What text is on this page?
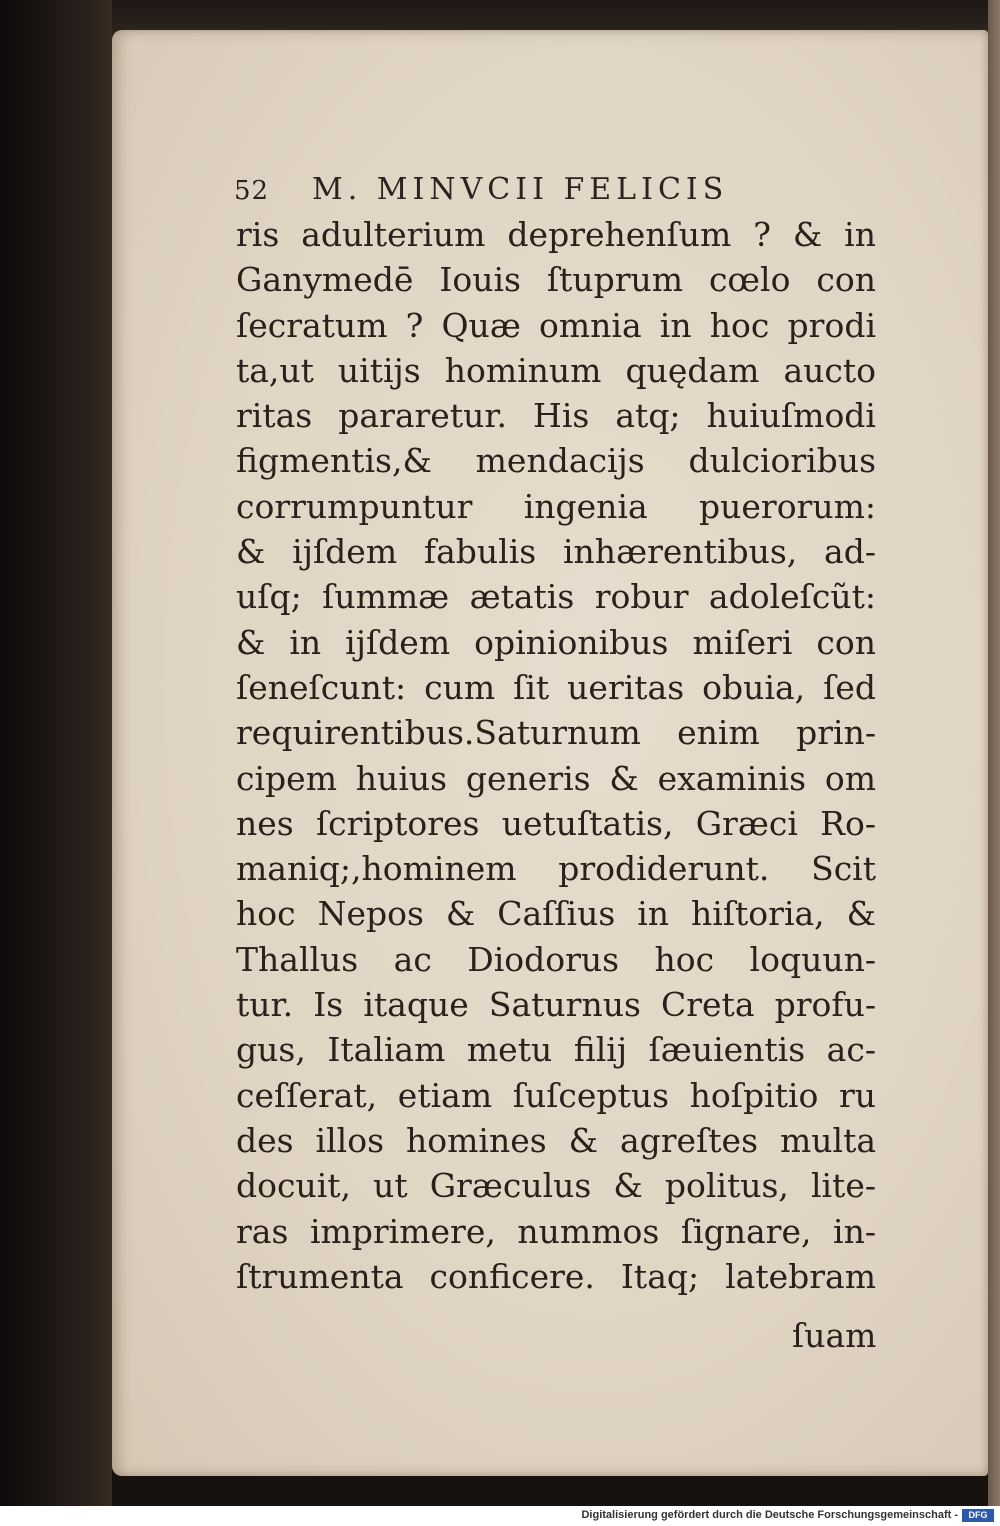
52 M. MINVCII FELICIS
ris adulterium deprehenſum ? & in
Ganymedē Iouis ſtuprum cœlo con
ſecratum ? Quæ omnia in hoc prodi
ta,ut uitijs hominum quędam aucto
ritas pararetur. His atq; huiuſmodi
figmentis,& mendacijs dulcioribus
corrumpuntur ingenia puerorum:
& ijſdem fabulis inhærentibus, ad-
uſq; ſummæ ætatis robur adoleſcũt:
& in ijſdem opinionibus miſeri con
ſeneſcunt: cum ſit ueritas obuia, ſed
requirentibus.Saturnum enim prin-
cipem huius generis & examinis om
nes ſcriptores uetuſtatis, Græci Ro-
maniq;,hominem prodiderunt. Scit
hoc Nepos & Caſſius in hiſtoria, &
Thallus ac Diodorus hoc loquun-
tur. Is itaque Saturnus Creta profu-
gus, Italiam metu filij ſæuientis ac-
ceſſerat, etiam ſuſceptus hoſpitio ru
des illos homines & agreſtes multa
docuit, ut Græculus & politus, lite-
ras imprimere, nummos ſignare, in-
ſtrumenta conficere. Itaq; latebram
ſuam
Digitalisierung gefördert durch die Deutsche Forschungsgemeinschaft -	DFG
